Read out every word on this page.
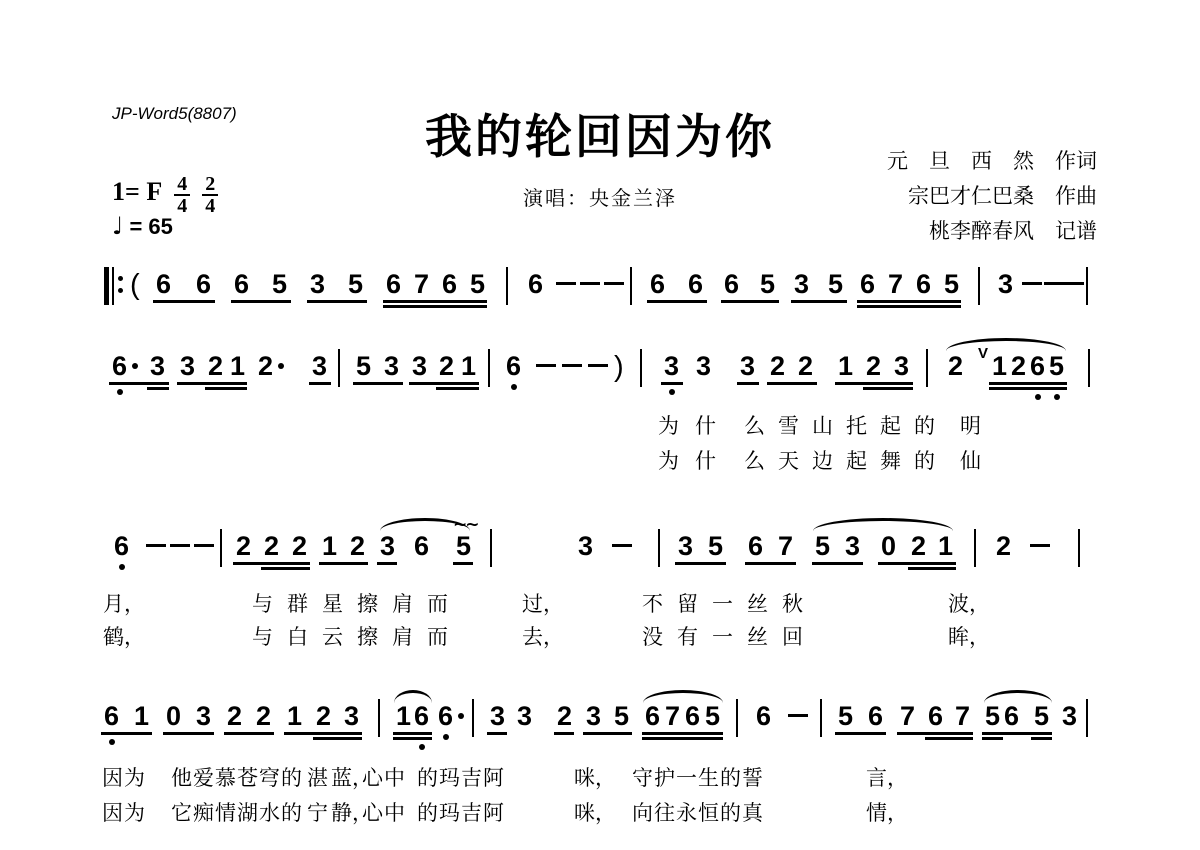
JP-Word5(8807)	我的轮回因为你
演唱：央金兰泽
元　旦　西　然　作词
宗巴才仁巴桑　作曲
桃李醉春风　记谱
1= F $\frac{4}{4} \frac{2}{4}$
♩ = 65
( 6 6 6 5 3 5 6 7 6 5 6	6 6 6 5 3 5 6 7 6 5 3
6 3 3 2 1 2 3 5 3 3 2 1 6	) 3 3 3 2 2 1 2 3 2 V 1 2 6 5
6	2 2 2 1 2 3 6 5
~~
3	3 5 6 7 5 3 0 2 1 2
6 1 0 3 2 2 1 2 3 1 6 6 3 3 2 3 5 6 7 6 5 6 5 6 7 6 7 5 6 5 3
为什 么雪山托起的 明
为什 么天边起舞的 仙
月，	与群星擦肩而	过，	不留一丝秋	波，
鹤，	与白云擦肩而	去，	没有一丝回	眸，
因为 他爱慕苍穹的 湛 蓝，
心中 的玛吉阿	咪， 守护一生的誓	言，
因为 它痴情湖水的 宁 静，
心中 的玛吉阿	咪， 向往永恒的真	情，
